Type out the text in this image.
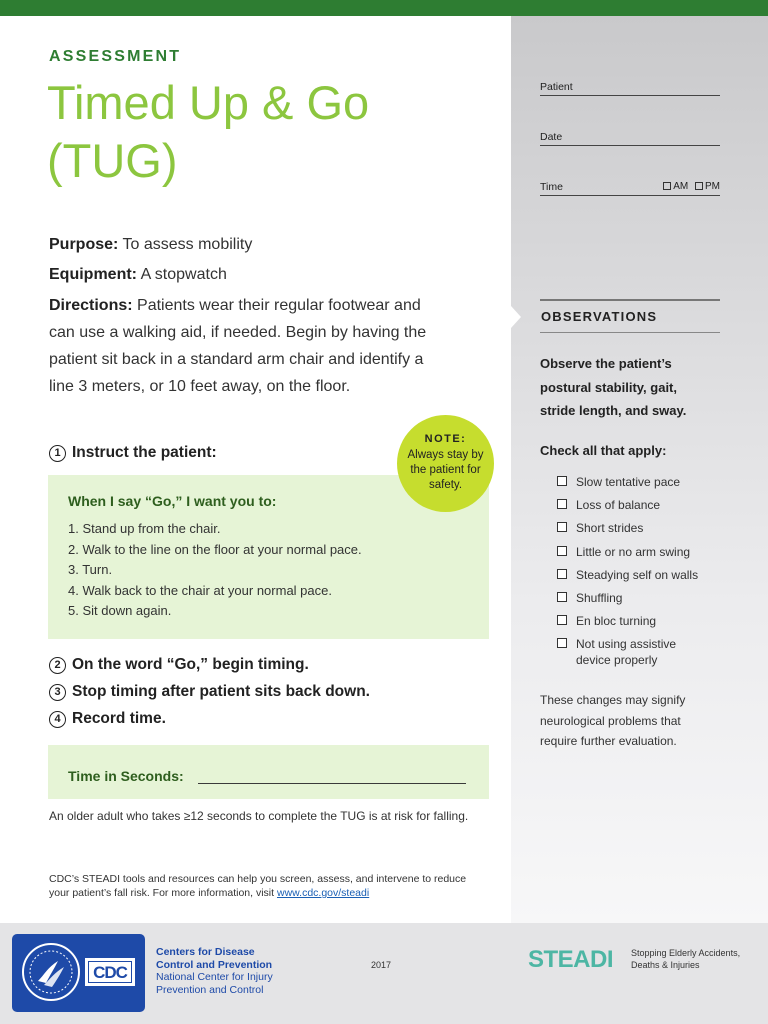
ASSESSMENT
Timed Up & Go
(TUG)
Purpose: To assess mobility
Equipment: A stopwatch
Directions: Patients wear their regular footwear and
can use a walking aid, if needed. Begin by having the
patient sit back in a standard arm chair and identify a
line 3 meters, or 10 feet away, on the floor.
1 Instruct the patient:
When I say “Go,” I want you to:
1. Stand up from the chair.
2. Walk to the line on the floor at your normal pace.
3. Turn.
4. Walk back to the chair at your normal pace.
5. Sit down again.
NOTE:
Always stay by the patient for safety.
2 On the word “Go,” begin timing.
3 Stop timing after patient sits back down.
4 Record time.
Time in Seconds:
An older adult who takes ≥12 seconds to complete the TUG is at risk for falling.
CDC’s STEADI tools and resources can help you screen, assess, and intervene to reduce
your patient’s fall risk. For more information, visit www.cdc.gov/steadi
Patient
Date
Time	AM PM
OBSERVATIONS
Observe the patient’s
postural stability, gait,
stride length, and sway.
Check all that apply:
Slow tentative pace
Loss of balance
Short strides
Little or no arm swing
Steadying self on walls
Shuffling
En bloc turning
Not using assistive device properly
These changes may signify neurological problems that require further evaluation.
CDC
Centers for Disease
Control and Prevention
National Center for Injury
Prevention and Control
2017	STEADI Stopping Elderly Accidents,
Deaths & Injuries
